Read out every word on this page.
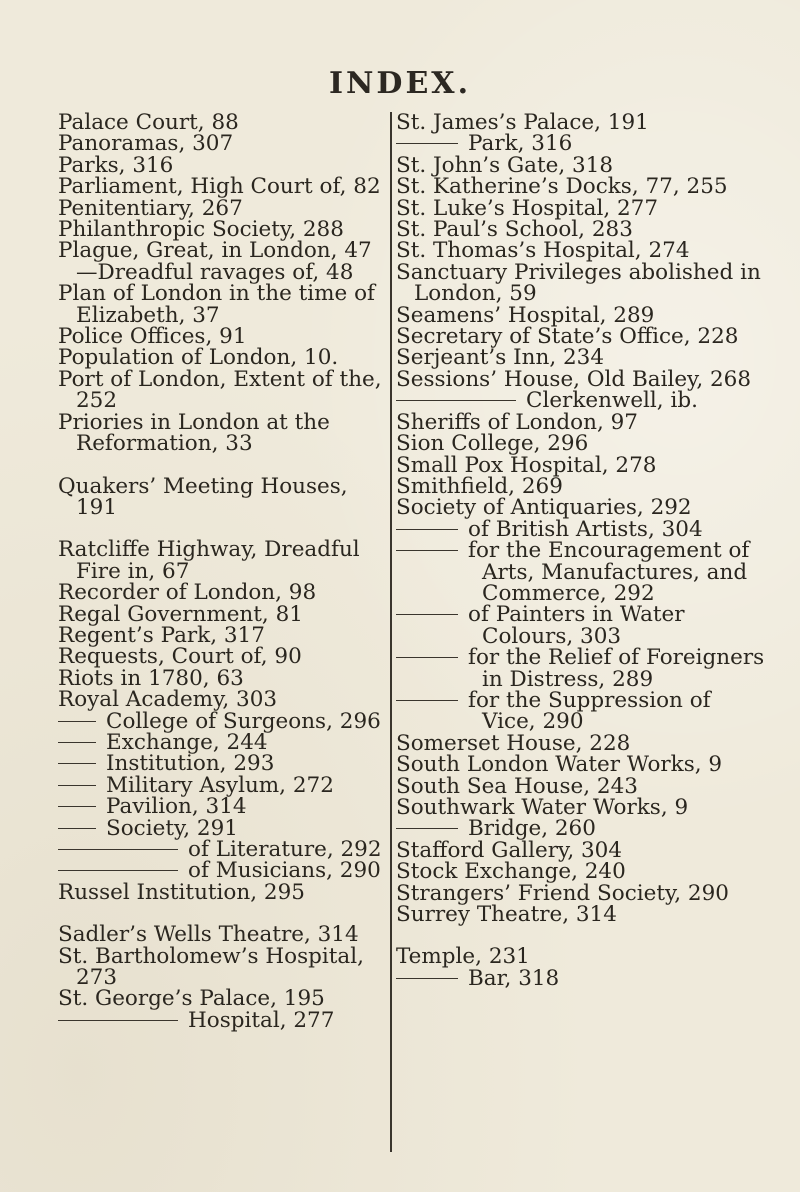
INDEX.

Palace Court, 88

Panoramas, 307

Parks, 316

Parliament, High Court of, 82

Penitentiary, 267

Philanthropic Society, 288

Plague, Great, in London, 47—Dreadful ravages of, 48

Plan of London in the time of Elizabeth, 37

Police Offices, 91

Population of London, 10.

Port of London, Extent of the, 252

Priories in London at the Reformation, 33

Quakers’ Meeting Houses, 191

Ratcliffe Highway, Dreadful Fire in, 67

Recorder of London, 98

Regal Government, 81

Regent’s Park, 317

Requests, Court of, 90

Riots in 1780, 63

Royal Academy, 303

College of Surgeons, 296

Exchange, 244

Institution, 293

Military Asylum, 272

Pavilion, 314

Society, 291

of Literature, 292

of Musicians, 290

Russel Institution, 295

Sadler’s Wells Theatre, 314

St. Bartholomew’s Hospital, 273

St. George’s Palace, 195

Hospital, 277

St. James’s Palace, 191

Park, 316

St. John’s Gate, 318

St. Katherine’s Docks, 77, 255

St. Luke’s Hospital, 277

St. Paul’s School, 283

St. Thomas’s Hospital, 274

Sanctuary Privileges abolished in London, 59

Seamens’ Hospital, 289

Secretary of State’s Office, 228

Serjeant’s Inn, 234

Sessions’ House, Old Bailey, 268

Clerkenwell, ib.

Sheriffs of London, 97

Sion College, 296

Small Pox Hospital, 278

Smithfield, 269

Society of Antiquaries, 292

of British Artists, 304

for the Encouragement of Arts, Manufactures, and Commerce, 292

of Painters in Water Colours, 303

for the Relief of Foreigners in Distress, 289

for the Suppression of Vice, 290

Somerset House, 228

South London Water Works, 9

South Sea House, 243

Southwark Water Works, 9

Bridge, 260

Stafford Gallery, 304

Stock Exchange, 240

Strangers’ Friend Society, 290

Surrey Theatre, 314

Temple, 231

Bar, 318
